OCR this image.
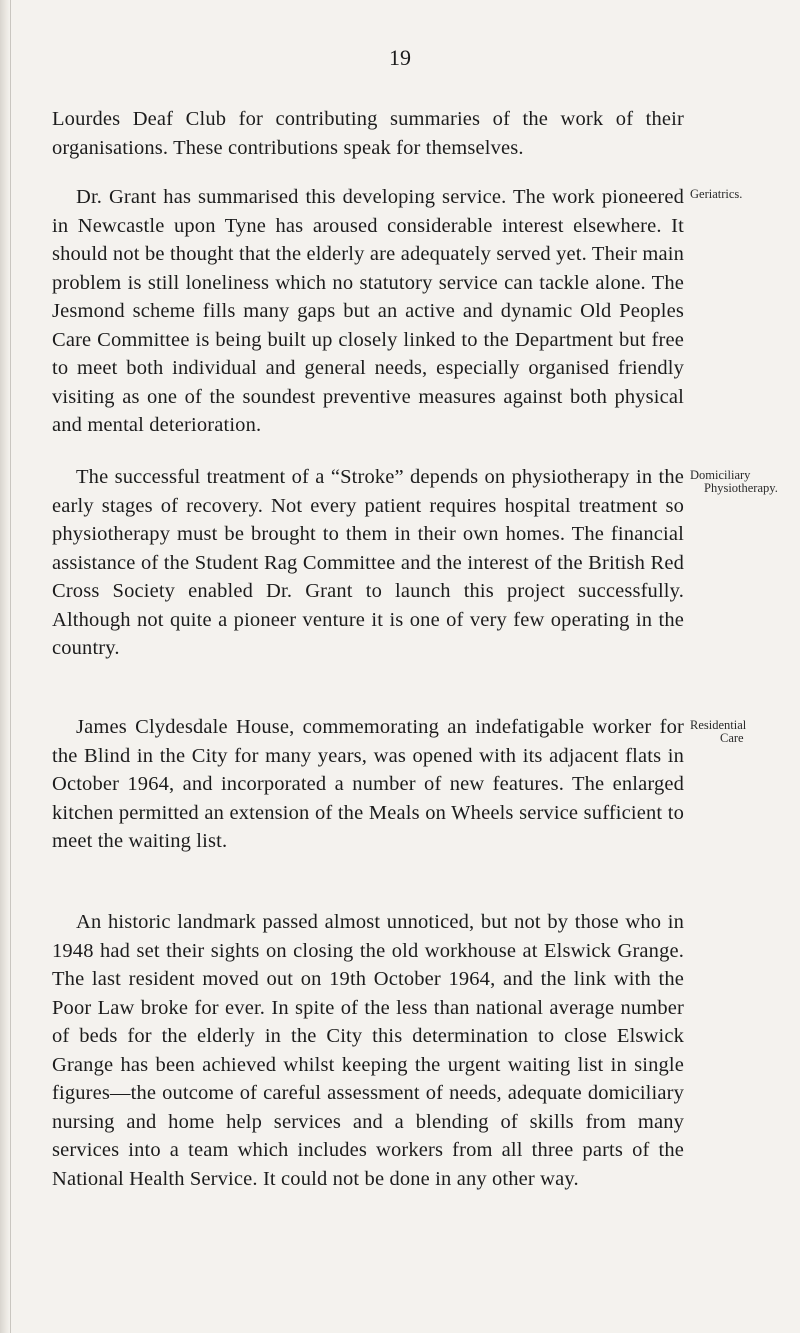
19

Lourdes Deaf Club for contributing summaries of the work of their organisations. These contributions speak for themselves.

Dr. Grant has summarised this developing service. The work pioneered in Newcastle upon Tyne has aroused considerable interest elsewhere. It should not be thought that the elderly are adequately served yet. Their main problem is still loneliness which no statutory service can tackle alone. The Jesmond scheme fills many gaps but an active and dynamic Old Peoples Care Committee is being built up closely linked to the Department but free to meet both individual and general needs, especially organised friendly visiting as one of the soundest preventive measures against both physical and mental deterioration.

Geriatrics.

The successful treatment of a “Stroke” depends on physiotherapy in the early stages of recovery. Not every patient requires hospital treatment so physiotherapy must be brought to them in their own homes. The financial assistance of the Student Rag Committee and the interest of the British Red Cross Society enabled Dr. Grant to launch this project successfully. Although not quite a pioneer venture it is one of very few operating in the country.

Domiciliary
Physiotherapy.

James Clydesdale House, commemorating an indefatigable worker for the Blind in the City for many years, was opened with its adjacent flats in October 1964, and incorporated a number of new features. The enlarged kitchen permitted an extension of the Meals on Wheels service sufficient to meet the waiting list.

Residential
Care

An historic landmark passed almost unnoticed, but not by those who in 1948 had set their sights on closing the old workhouse at Elswick Grange. The last resident moved out on 19th October 1964, and the link with the Poor Law broke for ever. In spite of the less than national average number of beds for the elderly in the City this determination to close Elswick Grange has been achieved whilst keeping the urgent waiting list in single figures—the outcome of careful assessment of needs, adequate domiciliary nursing and home help services and a blending of skills from many services into a team which includes workers from all three parts of the National Health Service. It could not be done in any other way.
